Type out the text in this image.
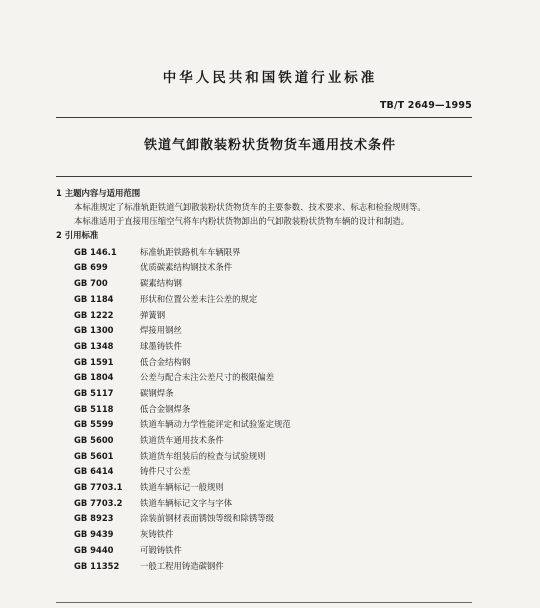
中华人民共和国铁道行业标准
TB/T 2649—1995
铁道气卸散装粉状货物货车通用技术条件
1 主题内容与适用范围

本标准规定了标准轨距铁道气卸散装粉状货物货车的主要参数、技术要求、标志和检验规则等。

本标准适用于直接用压缩空气将车内粉状货物卸出的气卸散装粉状货物车辆的设计和制造。

2 引用标准
GB 146.1	标准轨距铁路机车车辆限界
GB 699	优质碳素结构钢技术条件
GB 700	碳素结构钢
GB 1184	形状和位置公差未注公差的规定
GB 1222	弹簧钢
GB 1300	焊接用钢丝
GB 1348	球墨铸铁件
GB 1591	低合金结构钢
GB 1804	公差与配合未注公差尺寸的极限偏差
GB 5117	碳钢焊条
GB 5118	低合金钢焊条
GB 5599	铁道车辆动力学性能评定和试验鉴定规范
GB 5600	铁道货车通用技术条件
GB 5601	铁道货车组装后的检查与试验规则
GB 6414	铸件尺寸公差
GB 7703.1	铁道车辆标记一般规则
GB 7703.2	铁道车辆标记文字与字体
GB 8923	涂装前钢材表面锈蚀等级和除锈等级
GB 9439	灰铸铁件
GB 9440	可锻铸铁件
GB 11352	一般工程用铸造碳钢件
